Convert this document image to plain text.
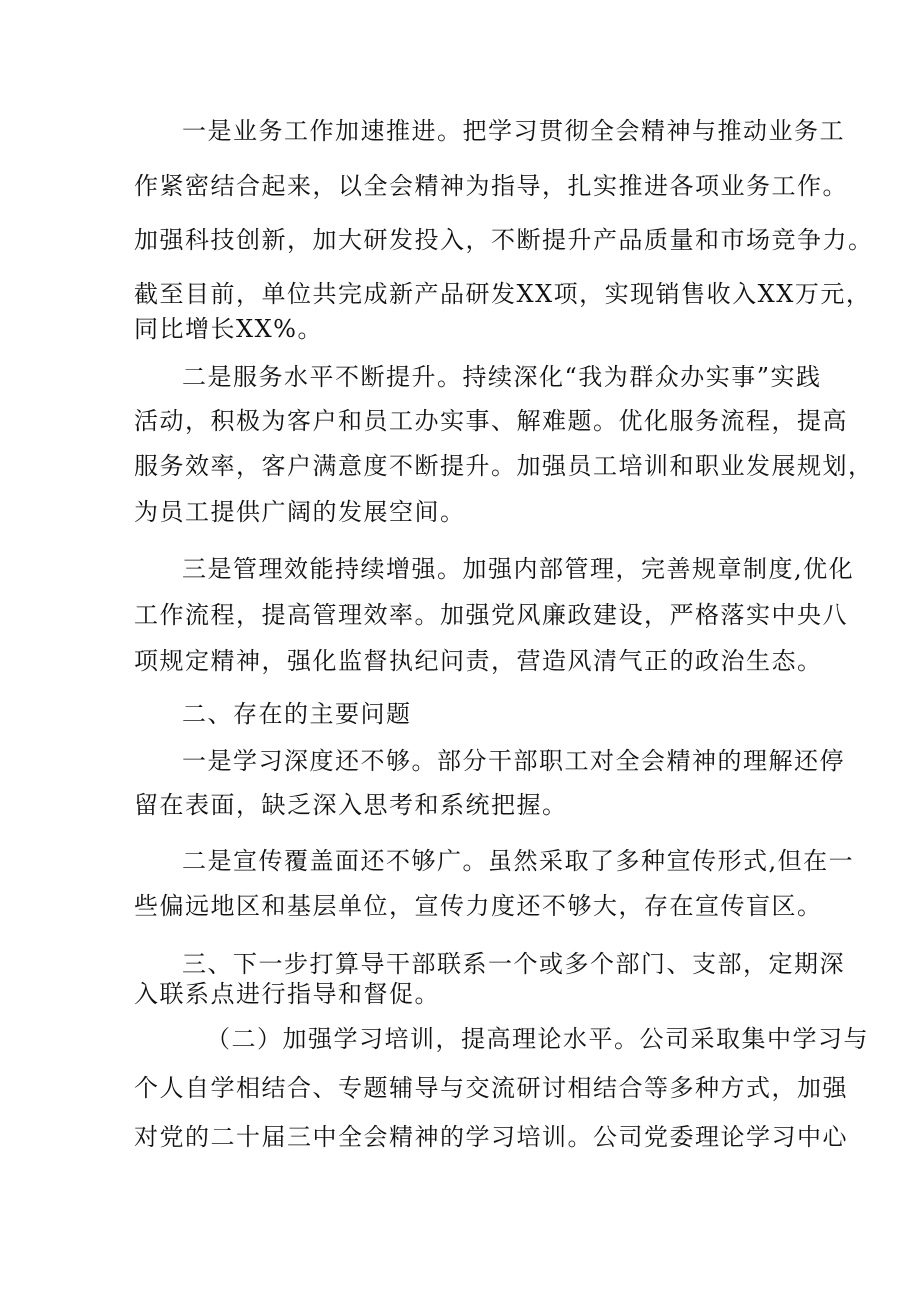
一是业务工作加速推进。把学习贯彻全会精神与推动业务工
作紧密结合起来，以全会精神为指导，扎实推进各项业务工作。
加强科技创新，加大研发投入，不断提升产品质量和市场竞争力。
截至目前，单位共完成新产品研发XX项，实现销售收入XX万元，
同比增长XX%。
二是服务水平不断提升。持续深化“我为群众办实事”实践
活动，积极为客户和员工办实事、解难题。优化服务流程，提高
服务效率，客户满意度不断提升。加强员工培训和职业发展规划，
为员工提供广阔的发展空间。
三是管理效能持续增强。加强内部管理，完善规章制度,优化
工作流程，提高管理效率。加强党风廉政建设，严格落实中央八
项规定精神，强化监督执纪问责，营造风清气正的政治生态。
二、存在的主要问题
一是学习深度还不够。部分干部职工对全会精神的理解还停
留在表面，缺乏深入思考和系统把握。
二是宣传覆盖面还不够广。虽然采取了多种宣传形式,但在一
些偏远地区和基层单位，宣传力度还不够大，存在宣传盲区。
三、下一步打算导干部联系一个或多个部门、支部，定期深
入联系点进行指导和督促。
（二）加强学习培训，提高理论水平。公司采取集中学习与
个人自学相结合、专题辅导与交流研讨相结合等多种方式，加强
对党的二十届三中全会精神的学习培训。公司党委理论学习中心
